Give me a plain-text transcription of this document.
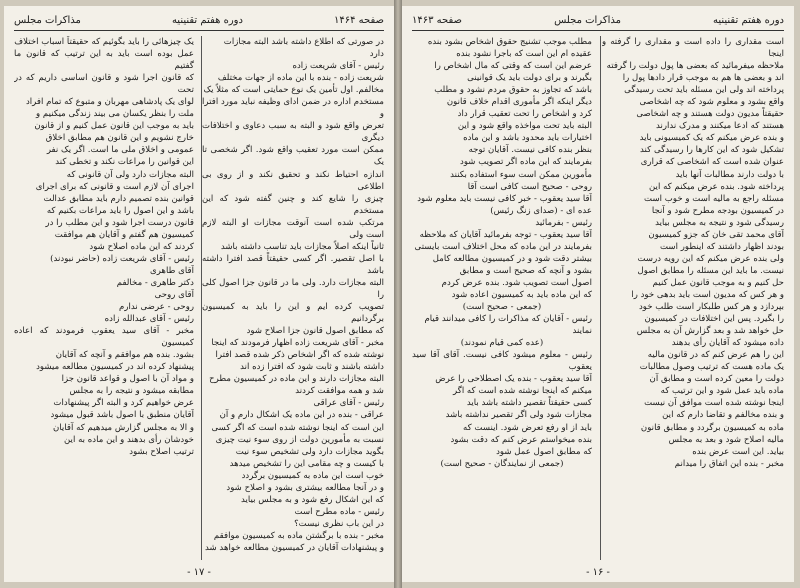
صفحه ۱۴۶۴
دوره هفتم تقنینیه
مذاکرات مجلس

در صورتی که اطلاع داشته باشد البته مجازات

دارد

رئیس - آقای شریعت زاده

شریعت زاده - بنده با این ماده از جهات مختلف

مخالفم. اول تأمین یک نوع حمایتی است که مثلاً یک

مستخدم اداره در ضمن ادای وظیفه نباید مورد افترا و

تعرض واقع شود و البته به سبب دعاوی و اختلافات دیگری

ممکن است مورد تعقیب واقع شود. اگر شخصی تا یک

اندازه احتیاط نکند و تحقیق نکند و از روی بی اطلاعی

چیزی را شایع کند و چنین گفته شود که این مستخدم

مرتکب شده است آنوقت مجازات او البته لازم است ولی

ثانیاً اینکه اصلاً مجازات باید تناسب داشته باشد

با اصل تقصیر. اگر کسی حقیقتاً قصد افترا داشته باشد

البته مجازات دارد. ولی ما در قانون جزا اصول کلی را

تصویب کرده ایم و این را باید به کمیسیون برگردانیم

که مطابق اصول قانون جزا اصلاح شود

مخبر - آقای شریعت زاده اظهار فرمودند که اینجا

نوشته شده که اگر اشخاص ذکر شده قصد افترا

داشته باشند و ثابت شود که افترا زده اند

البته مجازات دارند و این ماده در کمیسیون مطرح

شد و همه موافقت کردند

رئیس - آقای عراقی

عراقی - بنده در این ماده یک اشکال دارم و آن

این است که اینجا نوشته شده است که اگر کسی

نسبت به مأمورین دولت از روی سوء نیت چیزی

بگوید مجازات دارد ولی تشخیص سوء نیت

با کیست و چه مقامی این را تشخیص میدهد

خوب است این ماده به کمیسیون برگردد

و در آنجا مطالعه بیشتری بشود و اصلاح شود

که این اشکال رفع شود و به مجلس بیاید

رئیس - ماده مطرح است

در این باب نظری نیست؟

مخبر - بنده با برگشتن ماده به کمیسیون موافقم

و پیشنهادات آقایان در کمیسیون مطالعه خواهد شد

یک چیزهائی را باید بگوئیم که حقیقتاً اسباب اختلاف

عمل بوده است باید به این ترتیب که قانون ما گفتیم

که قانون اجرا شود و قانون اساسی داریم که در تحت

لوای یک پادشاهی مهربان و متبوع که تمام افراد

ملت را بنظر یکسان می بیند زندگی میکنیم و

باید به موجب این قانون عمل کنیم و از قانون

خارج نشویم و این قانون هم مطابق اخلاق

عمومی و اخلاق ملی ما است. اگر یک نفر

این قوانین را مراعات نکند و تخطی کند

البته مجازات دارد ولی آن قانونی که

اجرای آن لازم است و قانونی که برای اجرای

قوانین بنده تصمیم دارم باید مطابق عدالت

باشد و این اصول را باید مراعات بکنیم که

قانون درست اجرا شود و این مطلب را در

کمیسیون هم گفتم و آقایان هم موافقت

کردند که این ماده اصلاح شود

رئیس - آقای شریعت زاده (حاضر نبودند)

آقای طاهری

دکتر طاهری - مخالفم

آقای روحی

روحی - عرضی ندارم

رئیس - آقای عبدالله زاده

مخبر - آقای سید یعقوب فرمودند که اعاده کمیسیون

بشود. بنده هم موافقم و آنچه که آقایان

پیشنهاد کرده اند در کمیسیون مطالعه میشود

و مواد آن با اصول و قواعد قانون جزا

مطابقه میشود و نتیجه را به مجلس

عرض خواهیم کرد و البته اگر پیشنهادات

آقایان منطبق با اصول باشد قبول میشود

و الا به مجلس گزارش میدهیم که آقایان

خودشان رأی بدهند و این ماده به این

ترتیب اصلاح بشود

- ۱۷ -
دوره هفتم تقنینیه
مذاکرات مجلس
صفحه ۱۴۶۳

است مقداری را داده است و مقداری را گرفته و اینجا

ملاحظه میفرمائید که بعضی ها پول دولت را گرفته

اند و بعضی ها هم به موجب قرار دادها پول را

پرداخته اند ولی این مسئله باید تحت رسیدگی

واقع بشود و معلوم شود که چه اشخاصی

حقیقتاً مدیون دولت هستند و چه اشخاصی

هستند که ادعا میکنند و مدرک ندارند

و بنده عرض میکنم که یک کمیسیونی باید

تشکیل شود که این کارها را رسیدگی کند

عنوان شده است که اشخاصی که قراری

با دولت دارند مطالبات آنها باید

پرداخته شود. بنده عرض میکنم که این

مسئله راجع به مالیه است و خوب است

در کمیسیون بودجه مطرح شود و آنجا

رسیدگی شود و نتیجه به مجلس بیاید

آقای محمد تقی خان که جزو کمیسیون

بودند اظهار داشتند که اینطور است

ولی بنده عرض میکنم که این رویه درست

نیست. ما باید این مسئله را مطابق اصول

حل کنیم و به موجب قانون عمل کنیم

و هر کس که مدیون است باید بدهی خود را

بپردازد و هر کس طلبکار است طلب خود

را بگیرد. پس این اختلافات در کمیسیون

حل خواهد شد و بعد گزارش آن به مجلس

داده میشود که آقایان رأی بدهند

این را هم عرض کنم که در قانون مالیه

یک ماده هست که ترتیب وصول مطالبات

دولت را معین کرده است و مطابق آن

ماده باید عمل شود و این ترتیب که

اینجا نوشته شده است موافق آن نیست

و بنده مخالفم و تقاضا دارم که این

ماده به کمیسیون برگردد و مطابق قانون

مالیه اصلاح شود و بعد به مجلس

بیاید. این است عرض بنده

مخبر - بنده این اتفاق را میدانم

مطلب موجب تشنیج حقوق اشخاص بشود بنده

عقیده ام این است که باجرا نشود بنده

عرضم این است که وقتی که مال اشخاص را

بگیرند و برای دولت باید یک قوانینی

باشد که تجاوز به حقوق مردم نشود و مطلب

دیگر اینکه اگر مأموری اقدام خلاف قانون

کرد و اشخاص را تحت تعقیب قرار داد

البته باید تحت مواخذه واقع شود و این

اختیارات باید محدود باشد و این ماده

بنظر بنده کافی نیست. آقایان توجه

بفرمایند که این ماده اگر تصویب شود

مأمورین ممکن است سوء استفاده بکنند

روحی - صحیح است کافی است آقا

آقا سید یعقوب - خبر کافی نیست باید معلوم شود

عده ای - (صدای زنگ رئیس)

رئیس - بفرمائید

آقا سید یعقوب - توجه بفرمائید آقایان که ملاحظه

بفرمایند در این ماده که محل اختلاف است بایستی

بیشتر دقت شود و در کمیسیون مطالعه کامل

بشود و آنچه که صحیح است و مطابق

اصول است تصویب شود. بنده عرض کردم

که این ماده باید به کمیسیون اعاده شود

(جمعی - صحیح است)

رئیس - آقایان که مذاکرات را کافی میدانند قیام

نمایند

(عده کمی قیام نمودند)

رئیس - معلوم میشود کافی نیست. آقای آقا سید یعقوب

آقا سید یعقوب - بنده یک اصطلاحی را عرض

میکنم که اینجا نوشته شده است که اگر

کسی حقیقتاً تقصیر داشته باشد باید

مجازات شود ولی اگر تقصیر نداشته باشد

باید از او رفع تعرض شود. اینست که

بنده میخواستم عرض کنم که دقت بشود

که مطابق اصول عمل شود

(جمعی از نمایندگان - صحیح است)

- ۱۶ -
